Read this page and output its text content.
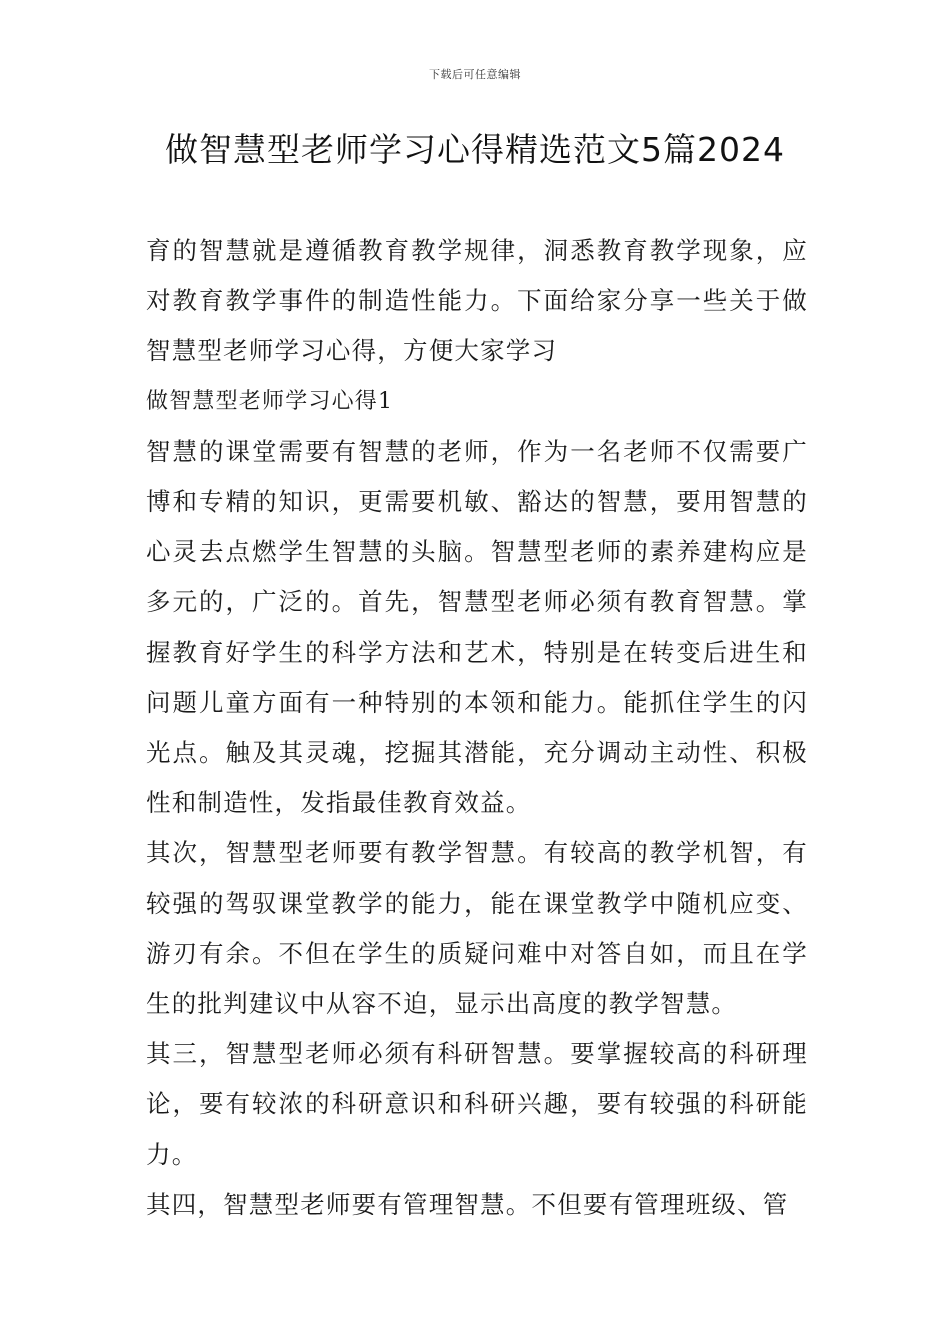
下载后可任意编辑
做智慧型老师学习心得精选范文5篇2024

育的智慧就是遵循教育教学规律，洞悉教育教学现象，应对教育教学事件的制造性能力。下面给家分享一些关于做智慧型老师学习心得，方便大家学习

做智慧型老师学习心得1

智慧的课堂需要有智慧的老师，作为一名老师不仅需要广博和专精的知识，更需要机敏、豁达的智慧，要用智慧的心灵去点燃学生智慧的头脑。智慧型老师的素养建构应是多元的，广泛的。首先，智慧型老师必须有教育智慧。掌握教育好学生的科学方法和艺术，特别是在转变后进生和问题儿童方面有一种特别的本领和能力。能抓住学生的闪光点。触及其灵魂，挖掘其潜能，充分调动主动性、积极性和制造性，发指最佳教育效益。

其次，智慧型老师要有教学智慧。有较高的教学机智，有较强的驾驭课堂教学的能力，能在课堂教学中随机应变、游刃有余。不但在学生的质疑问难中对答自如，而且在学生的批判建议中从容不迫，显示出高度的教学智慧。

其三，智慧型老师必须有科研智慧。要掌握较高的科研理论，要有较浓的科研意识和科研兴趣，要有较强的科研能力。

其四，智慧型老师要有管理智慧。不但要有管理班级、管
